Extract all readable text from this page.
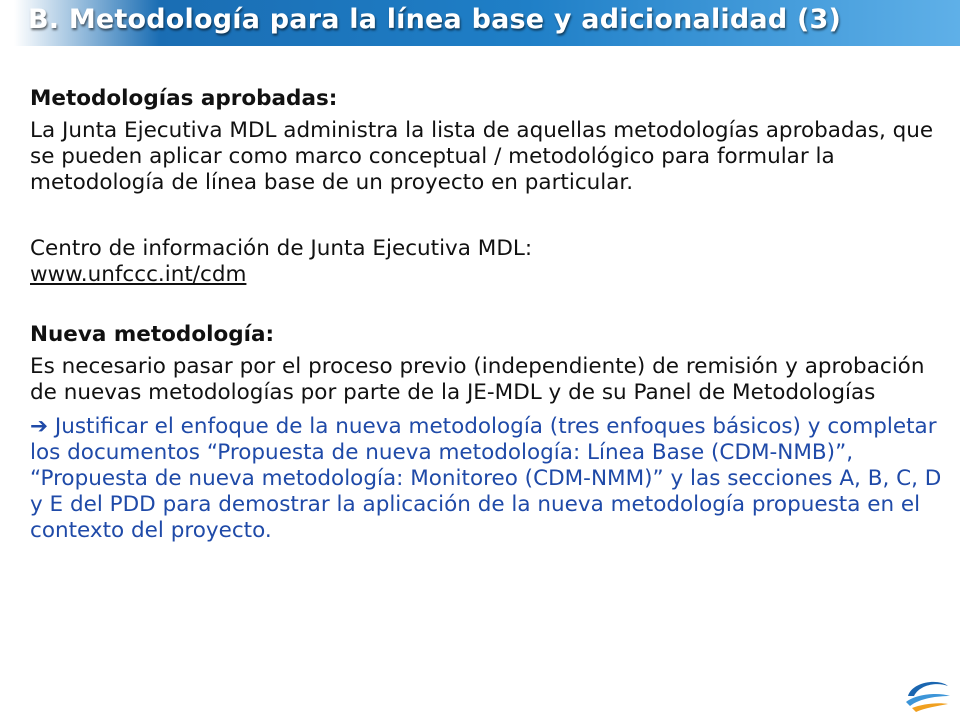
B. Metodología para la línea base y adicionalidad (3)

Metodologías aprobadas:

La Junta Ejecutiva MDL administra la lista de aquellas metodologías aprobadas, que se pueden aplicar como marco conceptual / metodológico para formular la metodología de línea base de un proyecto en particular.

Centro de información de Junta Ejecutiva MDL:
www.unfccc.int/cdm

Nueva metodología:

Es necesario pasar por el proceso previo (independiente) de remisión y aprobación de nuevas metodologías por parte de la JE-MDL y de su Panel de Metodologías

➔ Justificar el enfoque de la nueva metodología (tres enfoques básicos) y completar los documentos “Propuesta de nueva metodología: Línea Base (CDM-NMB)”, “Propuesta de nueva metodología: Monitoreo (CDM-NMM)” y las secciones A, B, C, D y E del PDD para demostrar la aplicación de la nueva metodología propuesta en el contexto del proyecto.
